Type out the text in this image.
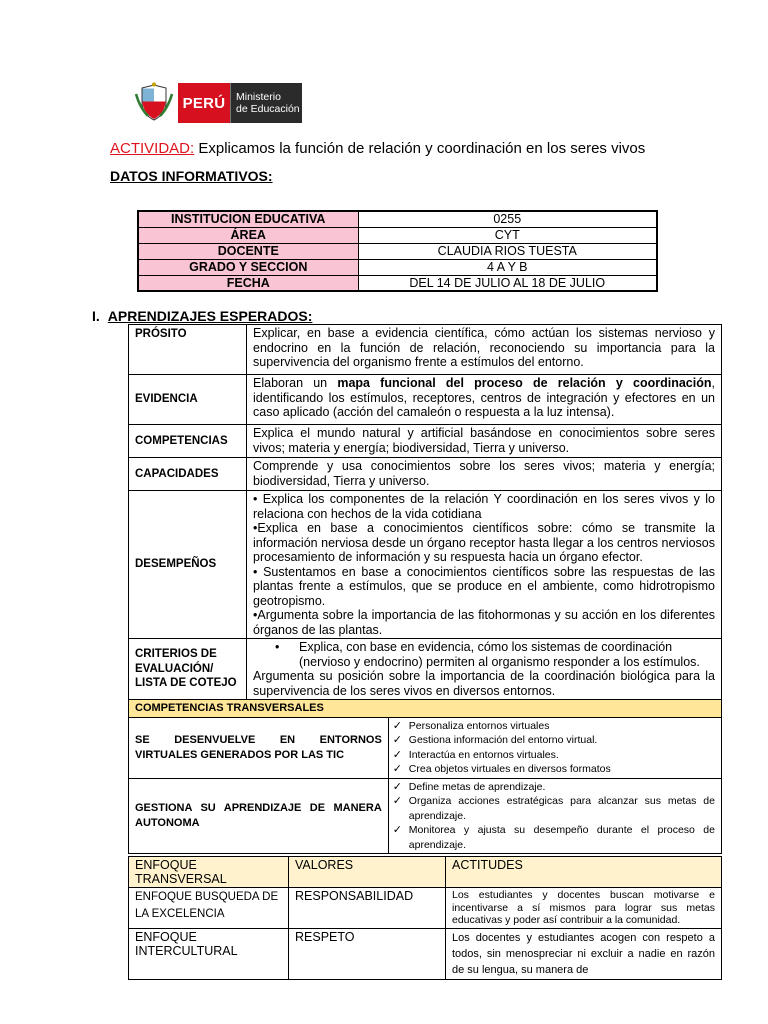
PERÚ	Ministerio
de Educación
ACTIVIDAD: Explicamos la función de relación y coordinación en los seres vivos
DATOS INFORMATIVOS:
INSTITUCION EDUCATIVA	0255
ÁREA	CYT
DOCENTE	CLAUDIA RIOS TUESTA
GRADO Y SECCION	4 A Y B
FECHA	DEL 14 DE JULIO AL 18 DE JULIO
I. APRENDIZAJES ESPERADOS:
PRÓSITO	Explicar, en base a evidencia científica, cómo actúan los sistemas nervioso y endocrino en la función de relación, reconociendo su importancia para la supervivencia del organismo frente a estímulos del entorno.	
EVIDENCIA	Elaboran un mapa funcional del proceso de relación y coordinación, identificando los estímulos, receptores, centros de integración y efectores en un caso aplicado (acción del camaleón o respuesta a la luz intensa).	
COMPETENCIAS	Explica el mundo natural y artificial basándose en conocimientos sobre seres vivos; materia y energía; biodiversidad, Tierra y universo.	
CAPACIDADES	Comprende y usa conocimientos sobre los seres vivos; materia y energía; biodiversidad, Tierra y universo.	
DESEMPEÑOS	• Explica los componentes de la relación Y coordinación en los seres vivos y lo relaciona con hechos de la vida cotidiana
•Explica en base a conocimientos científicos sobre: cómo se transmite la información nerviosa desde un órgano receptor hasta llegar a los centros nerviosos procesamiento de información y su respuesta hacia un órgano efector.
• Sustentamos en base a conocimientos científicos sobre las respuestas de las plantas frente a estímulos, que se produce en el ambiente, como hidrotropismo geotropismo.
•Argumenta sobre la importancia de las fitohormonas y su acción en los diferentes órganos de las plantas.	

CRITERIOS DE EVALUACIÓN/ LISTA DE COTEJO	• Explica, con base en evidencia, cómo los sistemas de coordinación (nervioso y endocrino) permiten al organismo responder a los estímulos.
Argumenta su posición sobre la importancia de la coordinación biológica para la supervivencia de los seres vivos en diversos entornos.	

COMPETENCIAS TRANSVERSALES		
SE DESENVUELVE EN ENTORNOS VIRTUALES GENERADOS POR LAS TIC		✓ Personaliza entornos virtuales
✓ Gestiona información del entorno virtual.
✓ Interactúa en entornos virtuales.
✓ Crea objetos virtuales en diversos formatos

GESTIONA SU APRENDIZAJE DE MANERA AUTONOMA		✓ Define metas de aprendizaje.
✓ Organiza acciones estratégicas para alcanzar sus metas de aprendizaje.
✓ Monitorea y ajusta su desempeño durante el proceso de aprendizaje.
ENFOQUE TRANSVERSAL	VALORES	ACTITUDES
ENFOQUE BUSQUEDA DE LA EXCELENCIA	RESPONSABILIDAD	Los estudiantes y docentes buscan motivarse e incentivarse a sí mismos para lograr sus metas educativas y poder así contribuir a la comunidad.
ENFOQUE INTERCULTURAL	RESPETO	Los docentes y estudiantes acogen con respeto a todos, sin menospreciar ni excluir a nadie en razón de su lengua, su manera de
